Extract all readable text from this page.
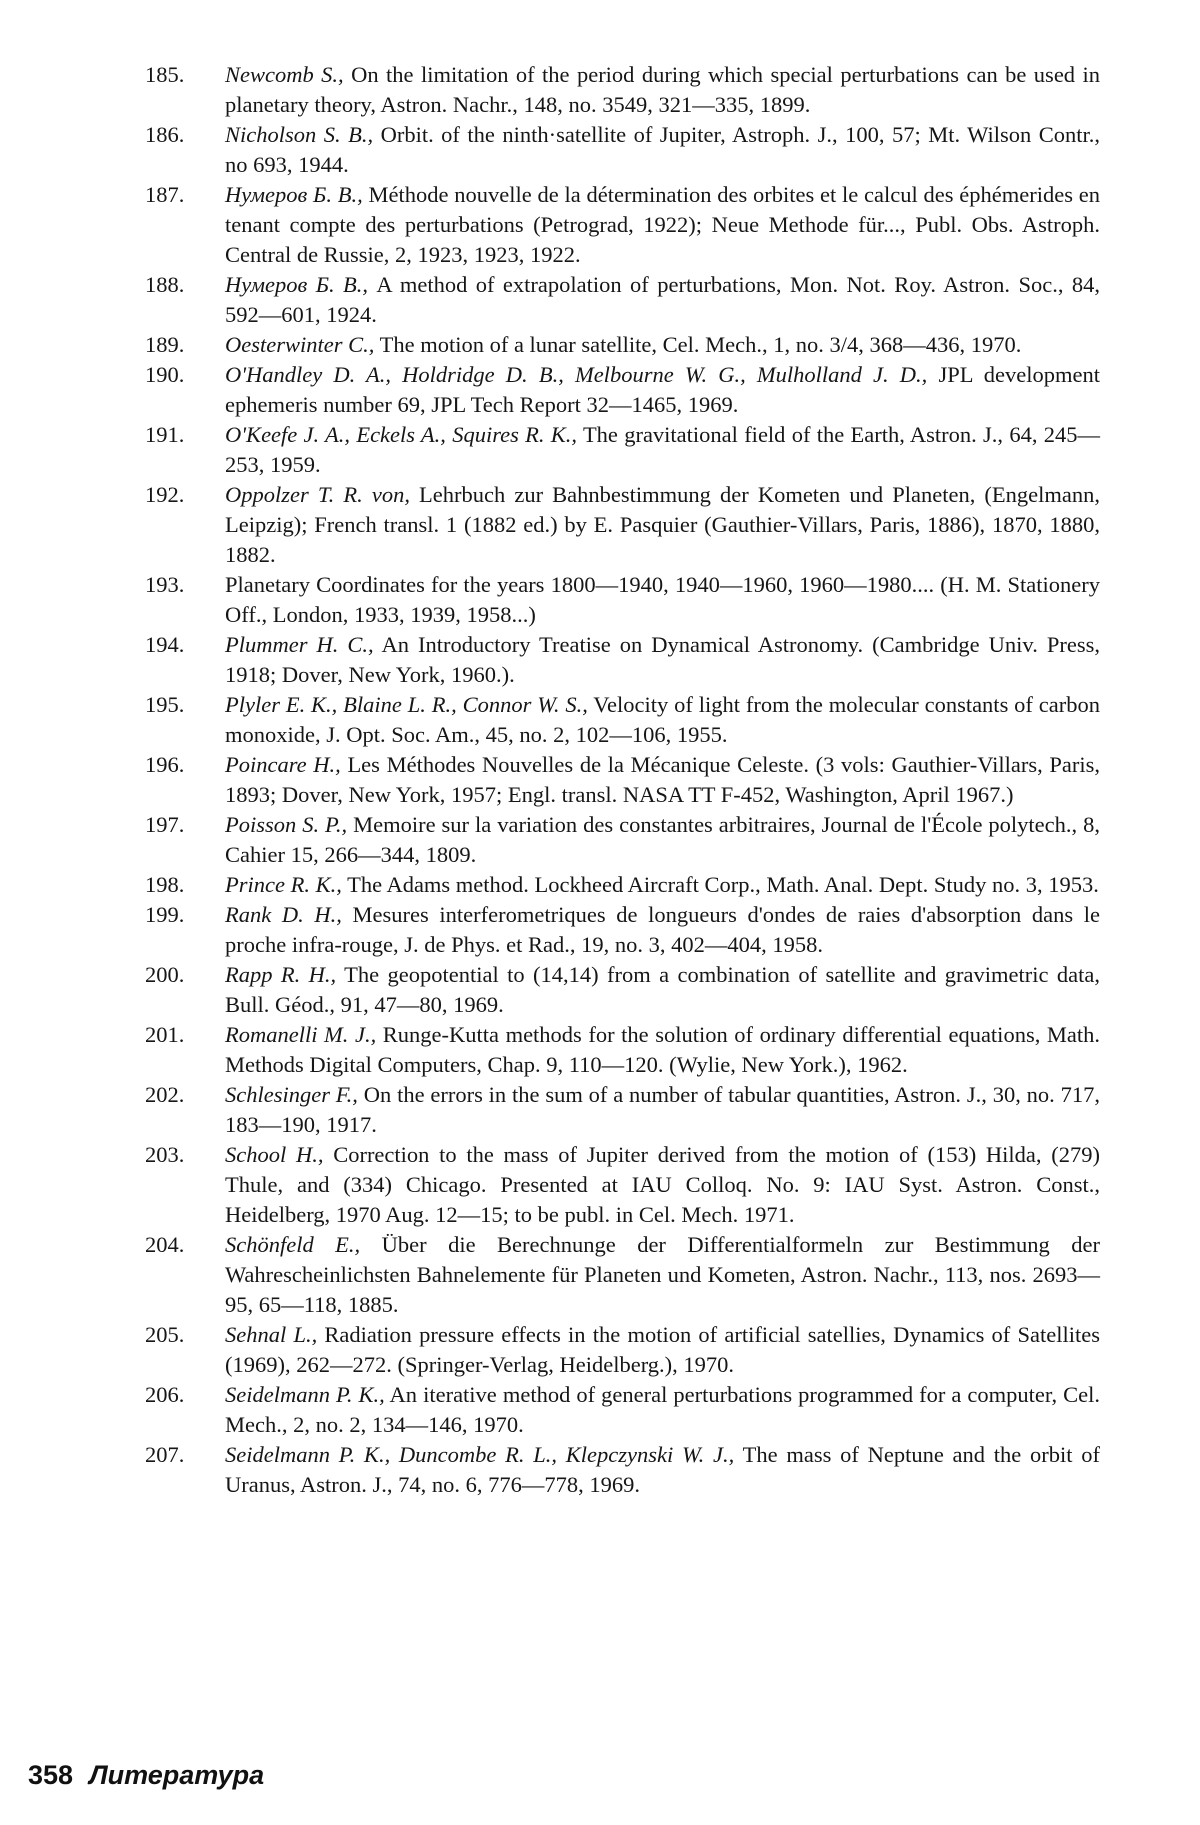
185.	Newcomb S., On the limitation of the period during which special perturbations can be used in planetary theory, Astron. Nachr., 148, no. 3549, 321—335, 1899.

186.	Nicholson S. B., Orbit. of the ninth·satellite of Jupiter, Astroph. J., 100, 57; Mt. Wilson Contr., no 693, 1944.

187.	Нумеров Б. В., Méthode nouvelle de la détermination des orbites et le calcul des éphémerides en tenant compte des perturbations (Petrograd, 1922); Neue Methode für..., Publ. Obs. Astroph. Central de Russie, 2, 1923, 1923, 1922.

188.	Нумеров Б. В., A method of extrapolation of perturbations, Mon. Not. Roy. Astron. Soc., 84, 592—601, 1924.

189.	Oesterwinter C., The motion of a lunar satellite, Cel. Mech., 1, no. 3/4, 368—436, 1970.

190.	O'Handley D. A., Holdridge D. B., Melbourne W. G., Mulholland J. D., JPL development ephemeris number 69, JPL Tech Report 32—1465, 1969.

191.	O'Keefe J. A., Eckels A., Squires R. K., The gravitational field of the Earth, Astron. J., 64, 245—253, 1959.

192.	Oppolzer T. R. von, Lehrbuch zur Bahnbestimmung der Kometen und Planeten, (Engelmann, Leipzig); French transl. 1 (1882 ed.) by E. Pasquier (Gauthier-Villars, Paris, 1886), 1870, 1880, 1882.

193.	Planetary Coordinates for the years 1800—1940, 1940—1960, 1960—1980.... (H. M. Stationery Off., London, 1933, 1939, 1958...)

194.	Plummer H. C., An Introductory Treatise on Dynamical Astronomy. (Cambridge Univ. Press, 1918; Dover, New York, 1960.).

195.	Plyler E. K., Blaine L. R., Connor W. S., Velocity of light from the molecular constants of carbon monoxide, J. Opt. Soc. Am., 45, no. 2, 102—106, 1955.

196.	Poincare H., Les Méthodes Nouvelles de la Mécanique Celeste. (3 vols: Gauthier-Villars, Paris, 1893; Dover, New York, 1957; Engl. transl. NASA TT F-452, Washington, April 1967.)

197.	Poisson S. P., Memoire sur la variation des constantes arbitraires, Journal de l'École polytech., 8, Cahier 15, 266—344, 1809.

198.	Prince R. K., The Adams method. Lockheed Aircraft Corp., Math. Anal. Dept. Study no. 3, 1953.

199.	Rank D. H., Mesures interferometriques de longueurs d'ondes de raies d'absorption dans le proche infra-rouge, J. de Phys. et Rad., 19, no. 3, 402—404, 1958.

200.	Rapp R. H., The geopotential to (14,14) from a combination of satellite and gravimetric data, Bull. Géod., 91, 47—80, 1969.

201.	Romanelli M. J., Runge-Kutta methods for the solution of ordinary differential equations, Math. Methods Digital Computers, Chap. 9, 110—120. (Wylie, New York.), 1962.

202.	Schlesinger F., On the errors in the sum of a number of tabular quantities, Astron. J., 30, no. 717, 183—190, 1917.

203.	School H., Correction to the mass of Jupiter derived from the motion of (153) Hilda, (279) Thule, and (334) Chicago. Presented at IAU Colloq. No. 9: IAU Syst. Astron. Const., Heidelberg, 1970 Aug. 12—15; to be publ. in Cel. Mech. 1971.

204.	Schönfeld E., Über die Berechnunge der Differentialformeln zur Bestimmung der Wahrescheinlichsten Bahnelemente für Planeten und Kometen, Astron. Nachr., 113, nos. 2693—95, 65—118, 1885.

205.	Sehnal L., Radiation pressure effects in the motion of artificial satellies, Dynamics of Satellites (1969), 262—272. (Springer-Verlag, Heidelberg.), 1970.

206.	Seidelmann P. K., An iterative method of general perturbations programmed for a computer, Cel. Mech., 2, no. 2, 134—146, 1970.

207.	Seidelmann P. K., Duncombe R. L., Klepczynski W. J., The mass of Neptune and the orbit of Uranus, Astron. J., 74, no. 6, 776—778, 1969.

358 Литература
